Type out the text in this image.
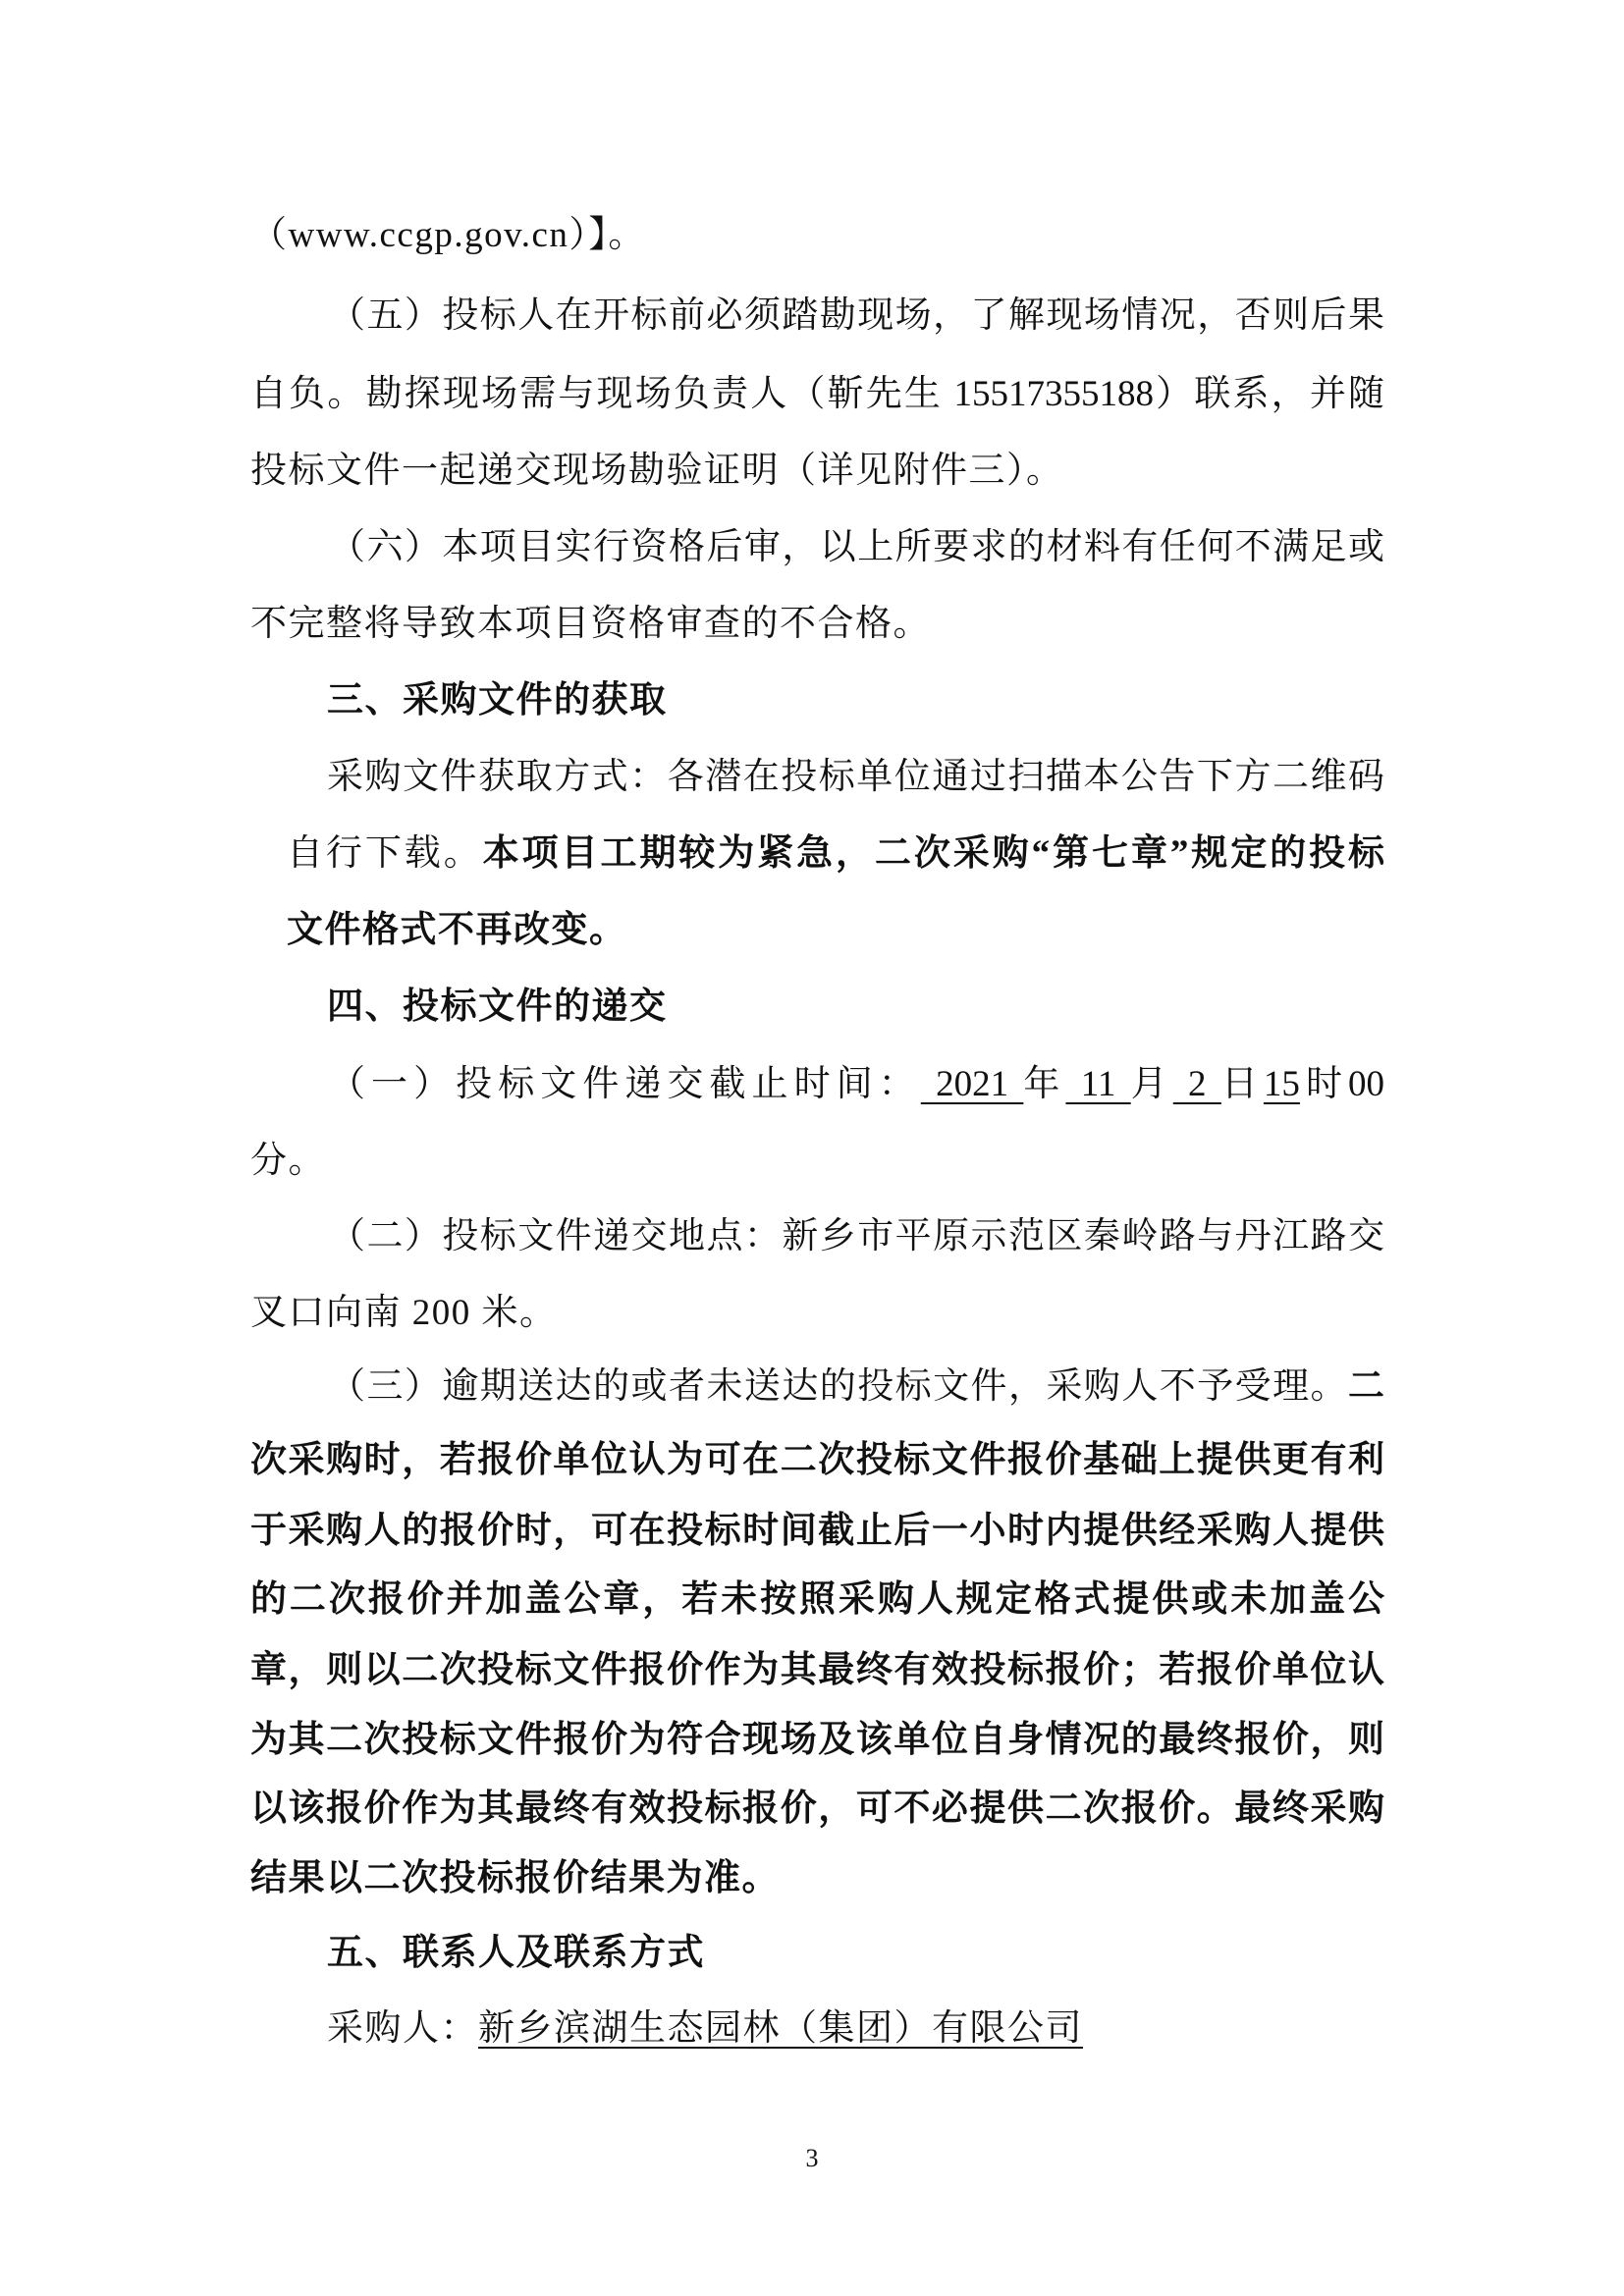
（www.ccgp.gov.cn）】。
（五）投标人在开标前必须踏勘现场，了解现场情况，否则后果
自负。勘探现场需与现场负责人（靳先生 15517355188）联系，并随
投标文件一起递交现场勘验证明（详见附件三）。
（六）本项目实行资格后审，以上所要求的材料有任何不满足或
不完整将导致本项目资格审查的不合格。
三、采购文件的获取
采购文件获取方式：各潜在投标单位通过扫描本公告下方二维码
自行下载。本项目工期较为紧急，二次采购“第七章”规定的投标
文件格式不再改变。
四、投标文件的递交
（一）投标文件递交截止时间： 2021 年 11 月 2 日15时00
分。
（二）投标文件递交地点：新乡市平原示范区秦岭路与丹江路交
叉口向南 200 米。
（三）逾期送达的或者未送达的投标文件，采购人不予受理。二
次采购时，若报价单位认为可在二次投标文件报价基础上提供更有利
于采购人的报价时，可在投标时间截止后一小时内提供经采购人提供
的二次报价并加盖公章，若未按照采购人规定格式提供或未加盖公
章，则以二次投标文件报价作为其最终有效投标报价；若报价单位认
为其二次投标文件报价为符合现场及该单位自身情况的最终报价，则
以该报价作为其最终有效投标报价，可不必提供二次报价。最终采购
结果以二次投标报价结果为准。
五、联系人及联系方式
采购人：新乡滨湖生态园林（集团）有限公司
3
